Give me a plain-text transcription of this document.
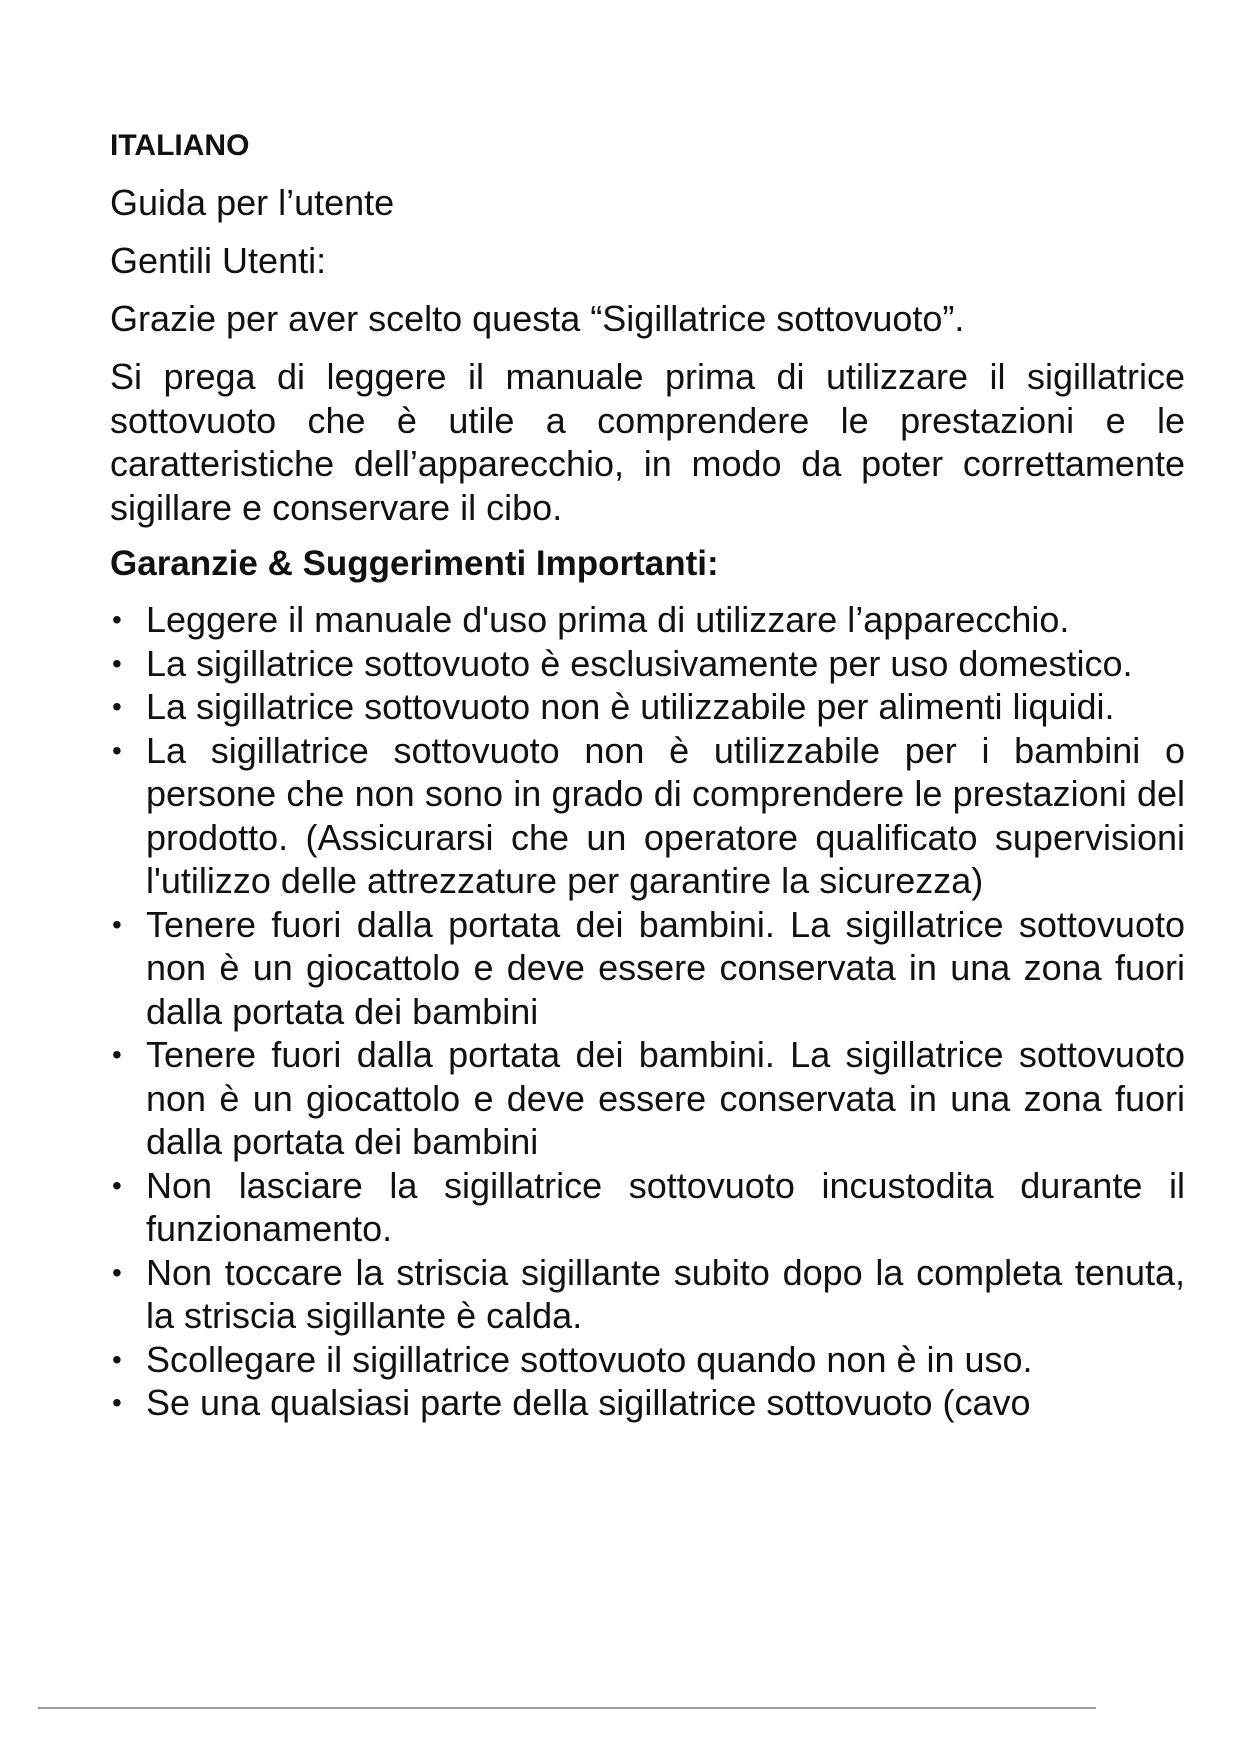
ITALIANO
Guida per l’utente
Gentili Utenti:
Grazie per aver scelto questa “Sigillatrice sottovuoto”.
Si prega di leggere il manuale prima di utilizzare il sigillatrice sottovuoto che è utile a comprendere le prestazioni e le caratteristiche dell’apparecchio, in modo da poter correttamente sigillare e conservare il cibo.
Garanzie & Suggerimenti Importanti:
• Leggere il manuale d'uso prima di utilizzare l’apparecchio.
• La sigillatrice sottovuoto è esclusivamente per uso domestico.
• La sigillatrice sottovuoto non è utilizzabile per alimenti liquidi.
• La sigillatrice sottovuoto non è utilizzabile per i bambini o persone che non sono in grado di comprendere le prestazioni del prodotto. (Assicurarsi che un operatore qualificato supervisioni l'utilizzo delle attrezzature per garantire la sicurezza)
• Tenere fuori dalla portata dei bambini. La sigillatrice sottovuoto non è un giocattolo e deve essere conservata in una zona fuori dalla portata dei bambini
• Tenere fuori dalla portata dei bambini. La sigillatrice sottovuoto non è un giocattolo e deve essere conservata in una zona fuori dalla portata dei bambini
• Non lasciare la sigillatrice sottovuoto incustodita durante il funzionamento.
• Non toccare la striscia sigillante subito dopo la completa tenuta, la striscia sigillante è calda.
• Scollegare il sigillatrice sottovuoto quando non è in uso.
• Se una qualsiasi parte della sigillatrice sottovuoto (cavo
